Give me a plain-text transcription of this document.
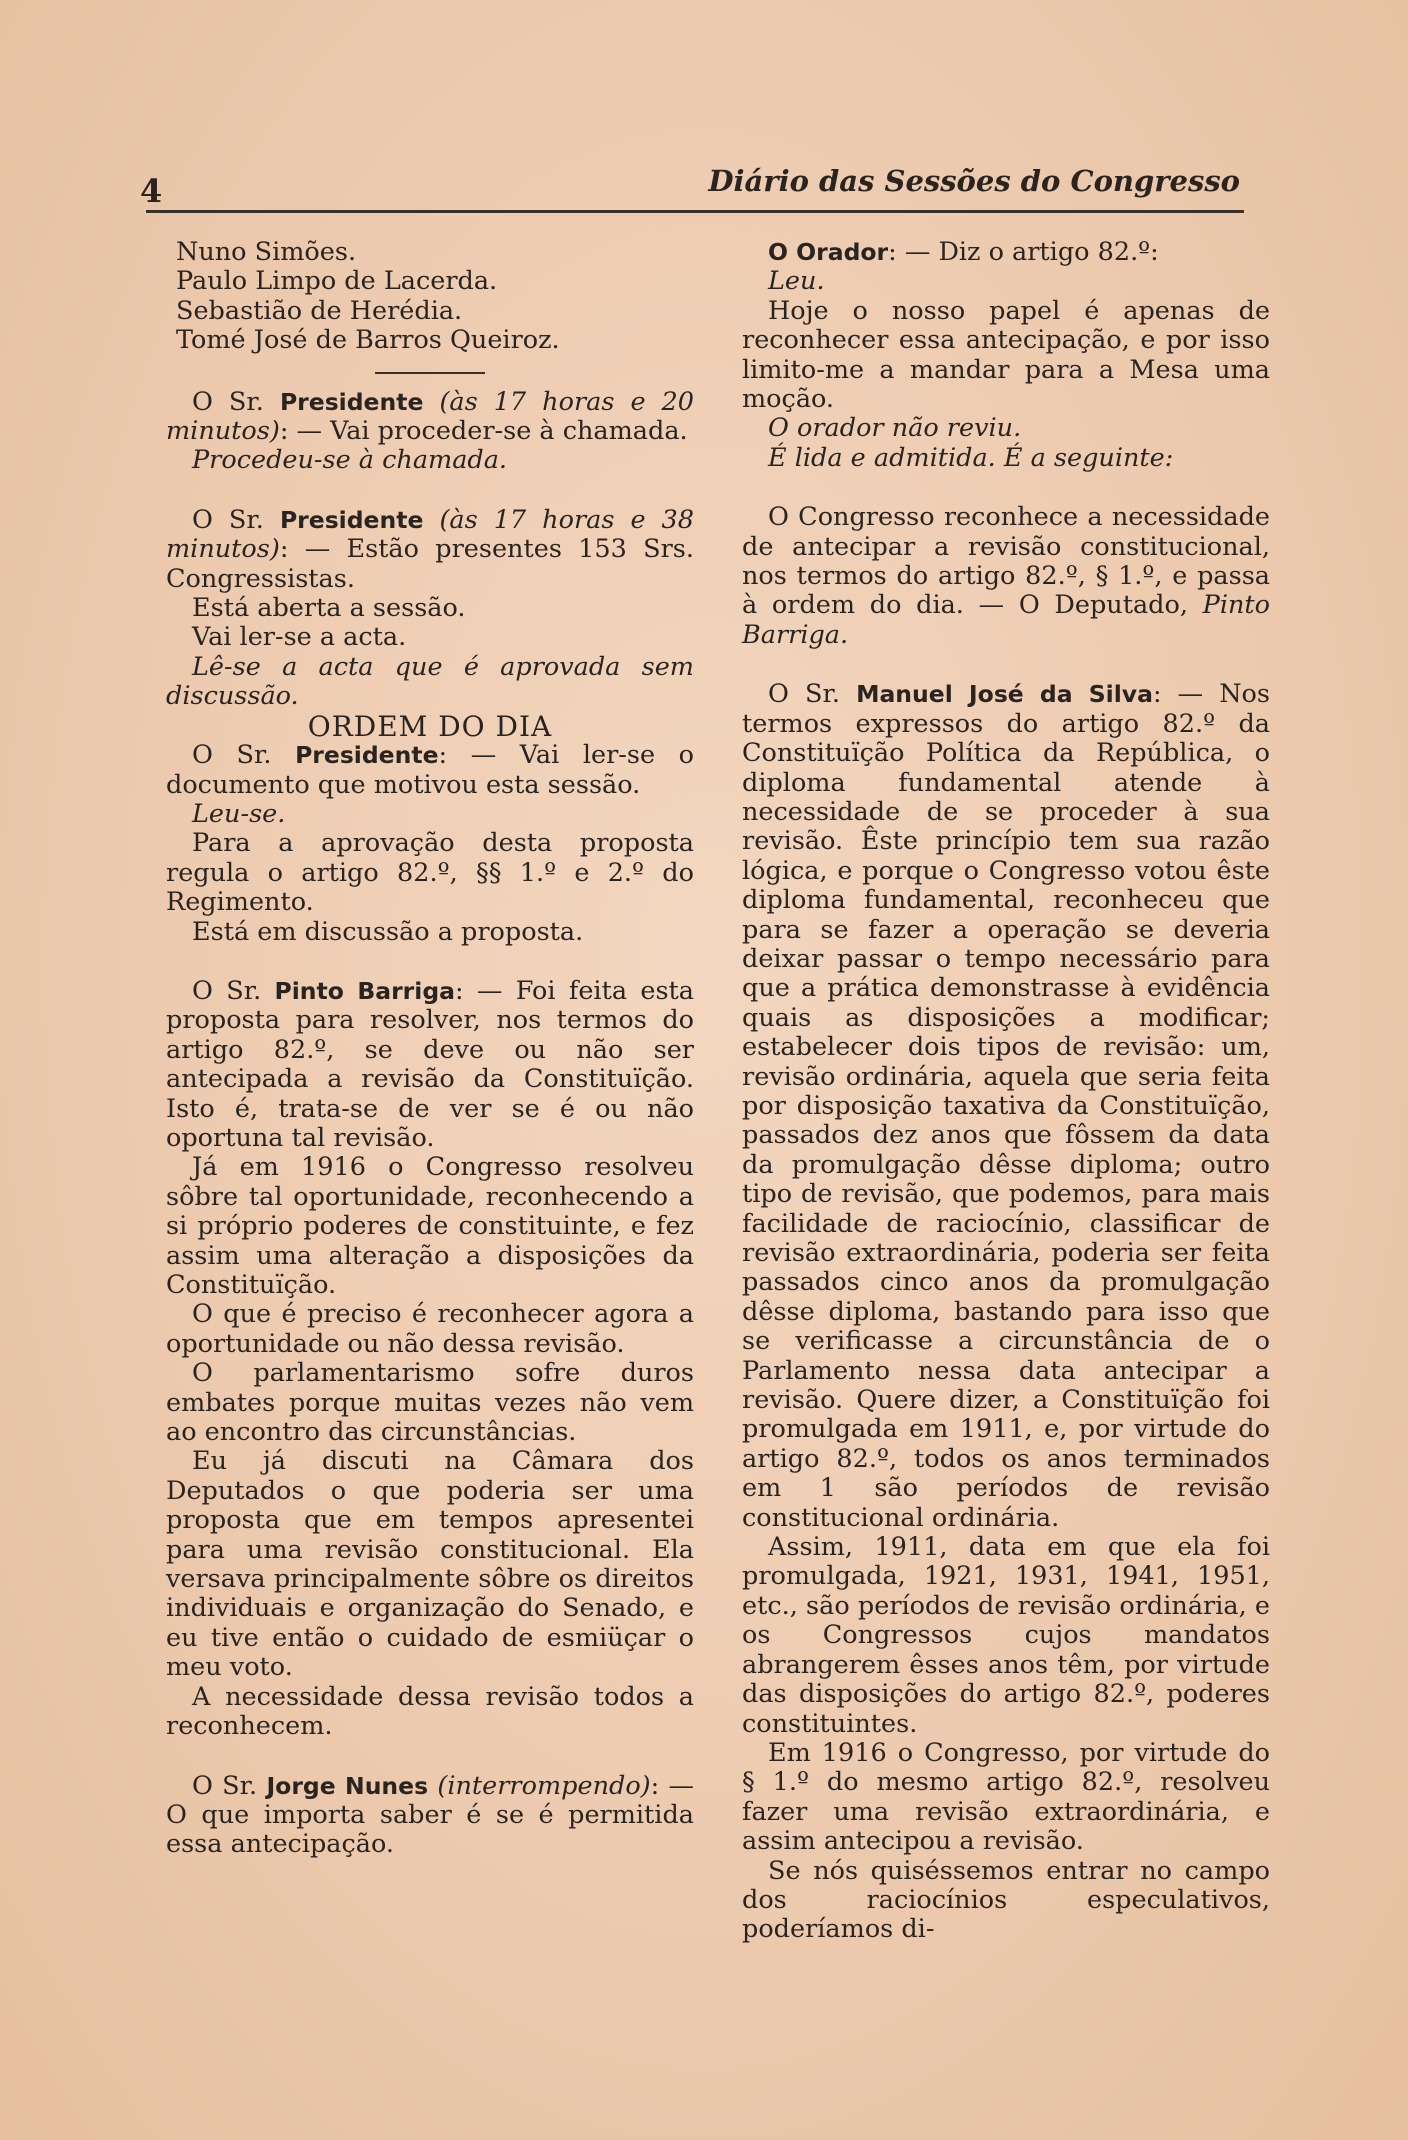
4	Diário das Sessões do Congresso

Nuno Simões.

Paulo Limpo de Lacerda.

Sebastião de Herédia.

Tomé José de Barros Queiroz.

O Sr. Presidente (às 17 horas e 20 minutos): — Vai proceder-se à chamada.

Procedeu-se à chamada.

O Sr. Presidente (às 17 horas e 38 minutos): — Estão presentes 153 Srs. Congressistas.

Está aberta a sessão.

Vai ler-se a acta.

Lê-se a acta que é aprovada sem discussão.

ORDEM DO DIA

O Sr. Presidente: — Vai ler-se o documento que motivou esta sessão.

Leu-se.

Para a aprovação desta proposta regula o artigo 82.º, §§ 1.º e 2.º do Regimento.

Está em discussão a proposta.

O Sr. Pinto Barriga: — Foi feita esta proposta para resolver, nos termos do artigo 82.º, se deve ou não ser antecipada a revisão da Constituïção. Isto é, trata-se de ver se é ou não oportuna tal revisão.

Já em 1916 o Congresso resolveu sôbre tal oportunidade, reconhecendo a si próprio poderes de constituinte, e fez assim uma alteração a disposições da Constituïção.

O que é preciso é reconhecer agora a oportunidade ou não dessa revisão.

O parlamentarismo sofre duros embates porque muitas vezes não vem ao encontro das circunstâncias.

Eu já discuti na Câmara dos Deputados o que poderia ser uma proposta que em tempos apresentei para uma revisão constitucional. Ela versava principalmente sôbre os direitos individuais e organização do Senado, e eu tive então o cuidado de esmiüçar o meu voto.

A necessidade dessa revisão todos a reconhecem.

O Sr. Jorge Nunes (interrompendo): — O que importa saber é se é permitida essa antecipação.

O Orador: — Diz o artigo 82.º:

Leu.

Hoje o nosso papel é apenas de reconhecer essa antecipação, e por isso limito-me a mandar para a Mesa uma moção.

O orador não reviu.

É lida e admitida. É a seguinte:

O Congresso reconhece a necessidade de antecipar a revisão constitucional, nos termos do artigo 82.º, § 1.º, e passa à ordem do dia. — O Deputado, Pinto Barriga.

O Sr. Manuel José da Silva: — Nos termos expressos do artigo 82.º da Constituïção Política da República, o diploma fundamental atende à necessidade de se proceder à sua revisão. Êste princípio tem sua razão lógica, e porque o Congresso votou êste diploma fundamental, reconheceu que para se fazer a operação se deveria deixar passar o tempo necessário para que a prática demonstrasse à evidência quais as disposições a modificar; estabelecer dois tipos de revisão: um, revisão ordinária, aquela que seria feita por disposição taxativa da Constituïção, passados dez anos que fôssem da data da promulgação dêsse diploma; outro tipo de revisão, que podemos, para mais facilidade de raciocínio, classificar de revisão extraordinária, poderia ser feita passados cinco anos da promulgação dêsse diploma, bastando para isso que se verificasse a circunstância de o Parlamento nessa data antecipar a revisão. Quere dizer, a Constituïção foi promulgada em 1911, e, por virtude do artigo 82.º, todos os anos terminados em 1 são períodos de revisão constitucional ordinária.

Assim, 1911, data em que ela foi promulgada, 1921, 1931, 1941, 1951, etc., são períodos de revisão ordinária, e os Congressos cujos mandatos abrangerem êsses anos têm, por virtude das disposições do artigo 82.º, poderes constituintes.

Em 1916 o Congresso, por virtude do § 1.º do mesmo artigo 82.º, resolveu fazer uma revisão extraordinária, e assim antecipou a revisão.

Se nós quiséssemos entrar no campo dos raciocínios especulativos, poderíamos di-
